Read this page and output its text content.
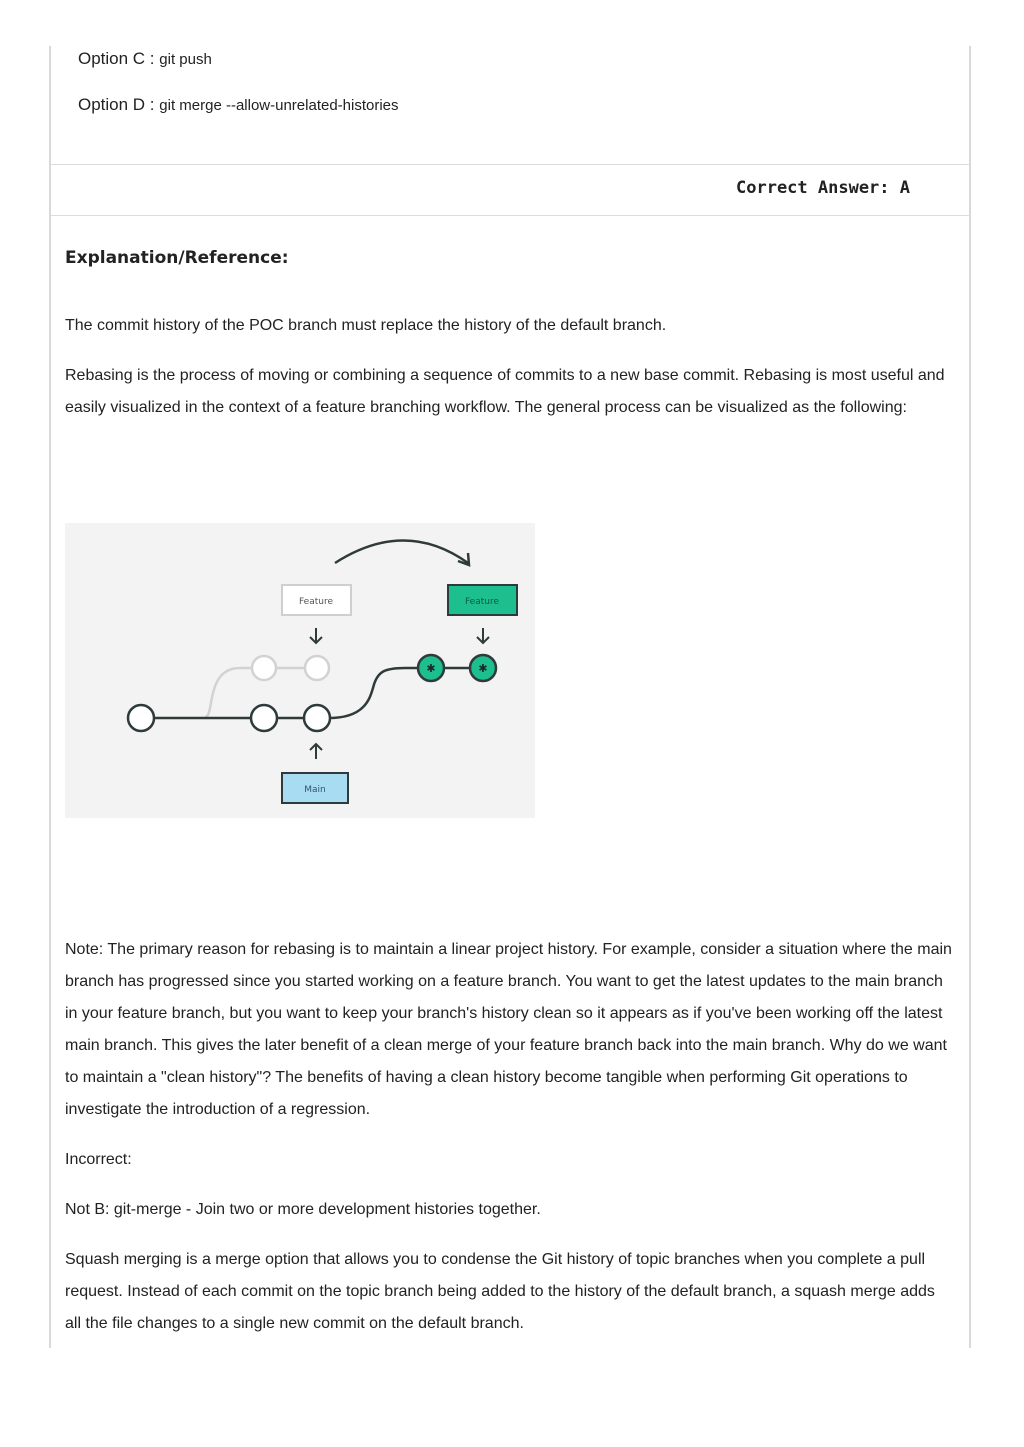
Option C : git push
Option D : git merge --allow-unrelated-histories
Correct Answer: A
Explanation/Reference:

The commit history of the POC branch must replace the history of the default branch.

Rebasing is the process of moving or combining a sequence of commits to a new base commit. Rebasing is most useful and easily visualized in the context of a feature branching workflow. The general process can be visualized as the following:

✱	✱
Feature	Feature
Main

Note: The primary reason for rebasing is to maintain a linear project history. For example, consider a situation where the main branch has progressed since you started working on a feature branch. You want to get the latest updates to the main branch in your feature branch, but you want to keep your branch's history clean so it appears as if you've been working off the latest main branch. This gives the later benefit of a clean merge of your feature branch back into the main branch. Why do we want to maintain a "clean history"? The benefits of having a clean history become tangible when performing Git operations to investigate the introduction of a regression.

Incorrect:

Not B: git-merge - Join two or more development histories together.

Squash merging is a merge option that allows you to condense the Git history of topic branches when you complete a pull request. Instead of each commit on the topic branch being added to the history of the default branch, a squash merge adds all the file changes to a single new commit on the default branch.
